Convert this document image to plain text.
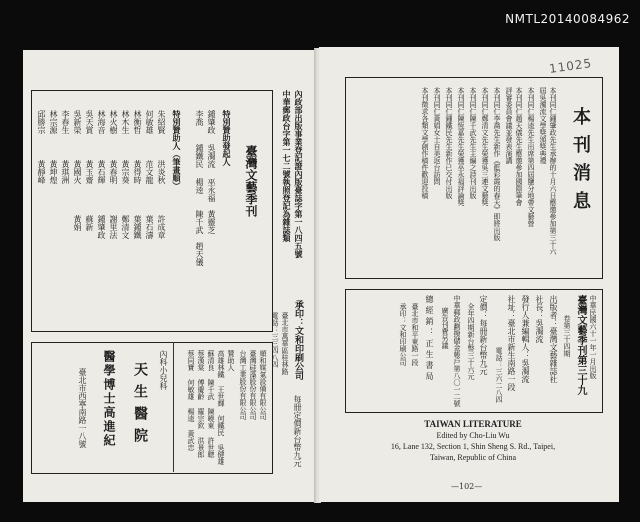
NMTL20140084962
內政部出版事業登記證內版臺誌字第一八四五號
中華郵政台字第一七二號執照登記為雜誌類
臺灣文藝季刊
特別贊助發起人
鍾肇政
吳濁流
巫永福
李喬
鍾鐵民
楊逵
陳千武 黃靈芝
趙天儀
特別贊助人（筆畫順）
朱紹賢
何敏雄
林衡哲
林木生
林火樹
林海音
吳天賞
吳新榮
李春生
林宗源
邱勝宗
洪炎秋
范文龍
黃得時
黃宗葵
黃春明
黃石輝
黃玉齋
黃國火
黃琪洲
黃坤煌
黃靜峰
許成章
葉石濤
葉鍾鐵
鄭清文
謝里法
鍾肇政
蘇新
黃娟
承印：
文和印刷公司
臺北市萬華區桂林路
電話：三三四八四
每冊定價新台幣九元
內科小兒科
天生醫院
醫學博士高進紀
臺北市西寧南路一八號	順和媒氣設備有限公司
臺灣硅藻股份有限公司
台灣工業股份有限公司
贊助人
高雄林鐵 王世輝 何鐵民 吳健雄
蘇清良 陳千武 陳曉東 許世聰
蔡漢棠 傅慶齡 羅宗欽 洪景郎
蔡同寶 何敏雄 楊逵 黃武忠
11025
本刊消息
本刊同仁鍾肇政先生承辦的十月六日應邀參加第三十六
屆吳濁流文學獎頒獎典禮
本刊同仁楊逵先生出席第四屆鹽分地帶文藝營
本刊同仁趙天儀先生應邀參加國際筆會
評審委員會議並發表演講
本刊同仁李喬先生新作《藍彩霞的春天》即將出版
本刊同仁鄭清文先生榮獲吳三連文藝獎
本刊同仁陳千武先生主編之詩刊出版
本刊同仁陳恆嘉先生榮獲巫永福評論獎
本刊同仁鍾鐵民先生新作已交付出版
本刊同仁黃娟女士自美返台訪問
本刊徵求各類文學創作稿件歡迎投稿
中華民國六十一年一月出版
臺灣文藝季刊第三十九
卷第三十四期
出版者：臺灣文藝雜誌社
社長：吳濁流
發行人兼編輯人：吳濁流
社址：臺北市新生南路一段
電話：三六二八四
定價：每冊新台幣九元
全年四期新台幣三十六元
中華郵政劃撥儲金帳戶第八〇一二號
廣告刊費另議
總經銷：正生書局
臺北市和平東路一段
承印：文和印刷公司
TAIWAN LITERATURE
Edited by Cho-Liu Wu
16, Lane 132, Section 1, Shin Sheng S. Rd., Taipei,
Taiwan, Republic of China
—102—
